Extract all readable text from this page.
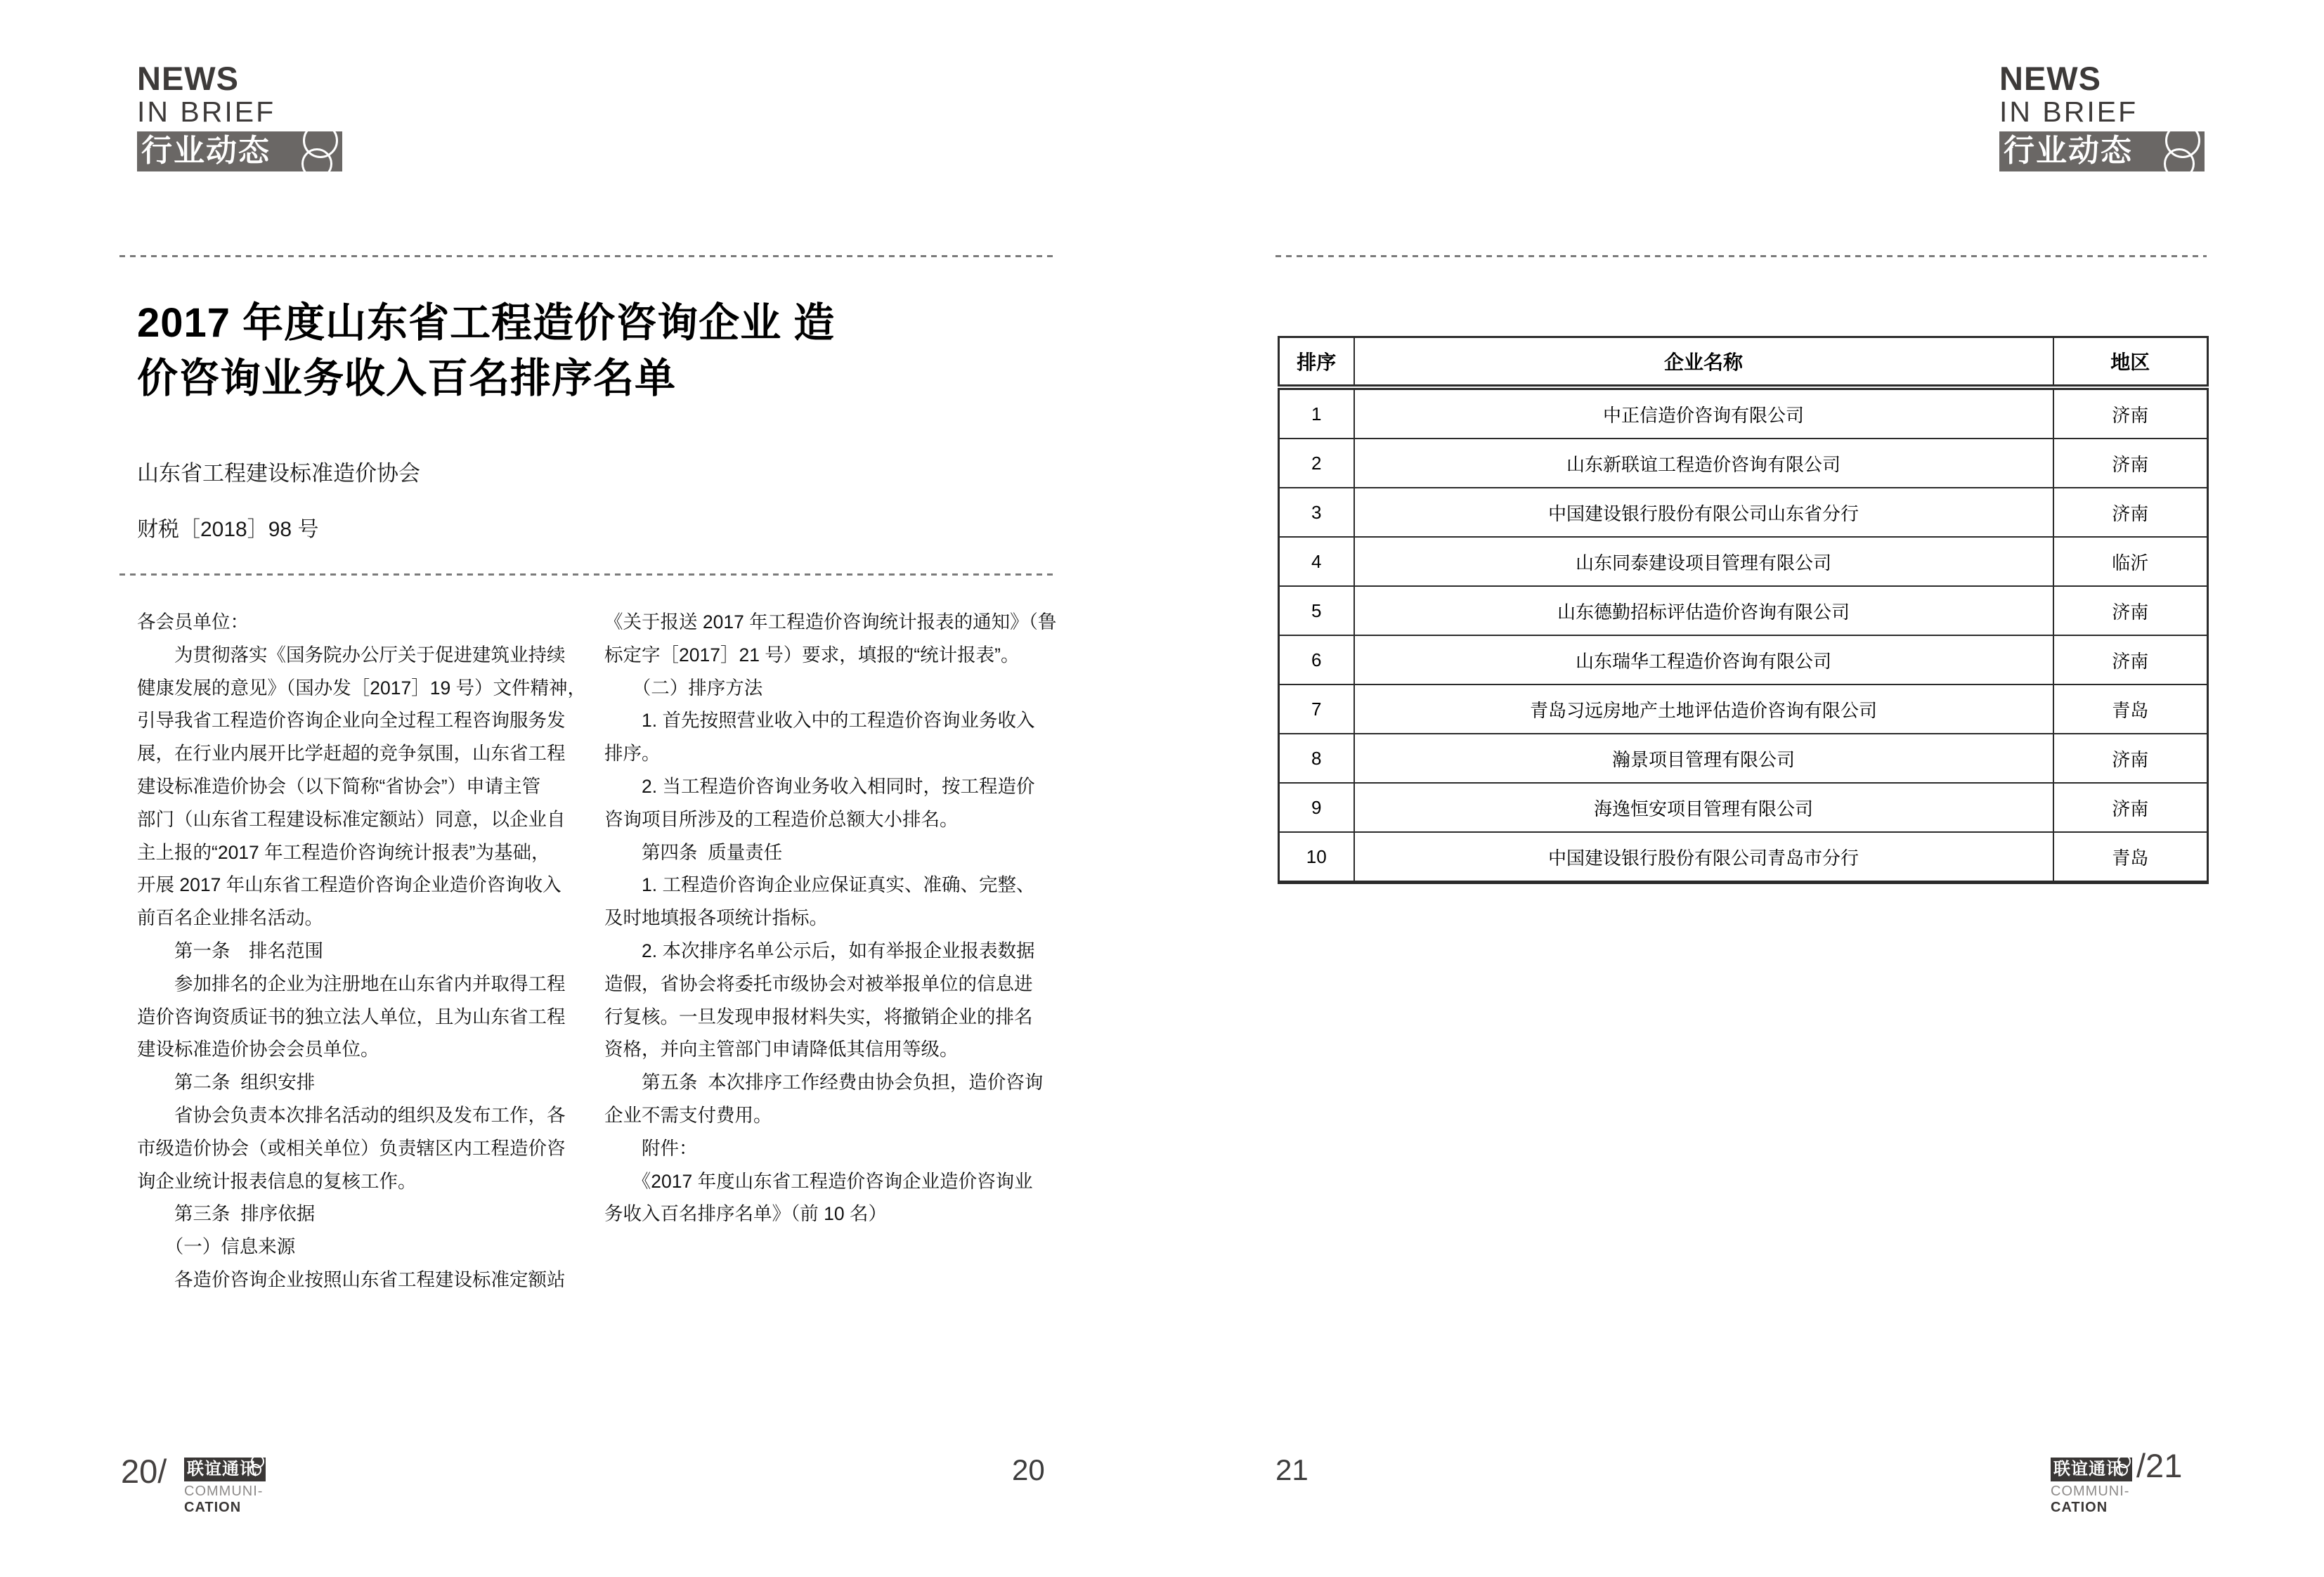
NEWS
IN BRIEF
行业动态
2017 年度山东省工程造价咨询企业 造
价咨询业务收入百名排序名单
山东省工程建设标准造价协会
财税［2018］98 号
各会员单位：
　　为贯彻落实《国务院办公厅关于促进建筑业持续
健康发展的意见》（国办发［2017］19 号）文件精神，
引导我省工程造价咨询企业向全过程工程咨询服务发
展，在行业内展开比学赶超的竞争氛围，山东省工程
建设标准造价协会（以下简称“省协会”）申请主管
部门（山东省工程建设标准定额站）同意，以企业自
主上报的“2017 年工程造价咨询统计报表”为基础，
开展 2017 年山东省工程造价咨询企业造价咨询收入
前百名企业排名活动。
　　第一条　排名范围
　　参加排名的企业为注册地在山东省内并取得工程
造价咨询资质证书的独立法人单位，且为山东省工程
建设标准造价协会会员单位。
　　第二条  组织安排
　　省协会负责本次排名活动的组织及发布工作，各
市级造价协会（或相关单位）负责辖区内工程造价咨
询企业统计报表信息的复核工作。
　　第三条  排序依据
　　（一）信息来源
　　各造价咨询企业按照山东省工程建设标准定额站
《关于报送 2017 年工程造价咨询统计报表的通知》（鲁
标定字［2017］21 号）要求，填报的“统计报表”。
　　（二）排序方法
　　1. 首先按照营业收入中的工程造价咨询业务收入
排序。
　　2. 当工程造价咨询业务收入相同时，按工程造价
咨询项目所涉及的工程造价总额大小排名。
　　第四条  质量责任
　　1. 工程造价咨询企业应保证真实、准确、完整、
及时地填报各项统计指标。
　　2. 本次排序名单公示后，如有举报企业报表数据
造假，省协会将委托市级协会对被举报单位的信息进
行复核。一旦发现申报材料失实，将撤销企业的排名
资格，并向主管部门申请降低其信用等级。
　　第五条  本次排序工作经费由协会负担，造价咨询
企业不需支付费用。
　　附件：
　　《2017 年度山东省工程造价咨询企业造价咨询业
务收入百名排序名单》（前 10 名）
20/ 联谊通讯
COMMUNI-
CATION
20
NEWS
IN BRIEF
行业动态
排序	企业名称	地区
1	中正信造价咨询有限公司	济南
2	山东新联谊工程造价咨询有限公司	济南
3	中国建设银行股份有限公司山东省分行	济南
4	山东同泰建设项目管理有限公司	临沂
5	山东德勤招标评估造价咨询有限公司	济南
6	山东瑞华工程造价咨询有限公司	济南
7	青岛习远房地产土地评估造价咨询有限公司	青岛
8	瀚景项目管理有限公司	济南
9	海逸恒安项目管理有限公司	济南
10	中国建设银行股份有限公司青岛市分行	青岛
21	联谊通讯
COMMUNI-
CATION
/21
